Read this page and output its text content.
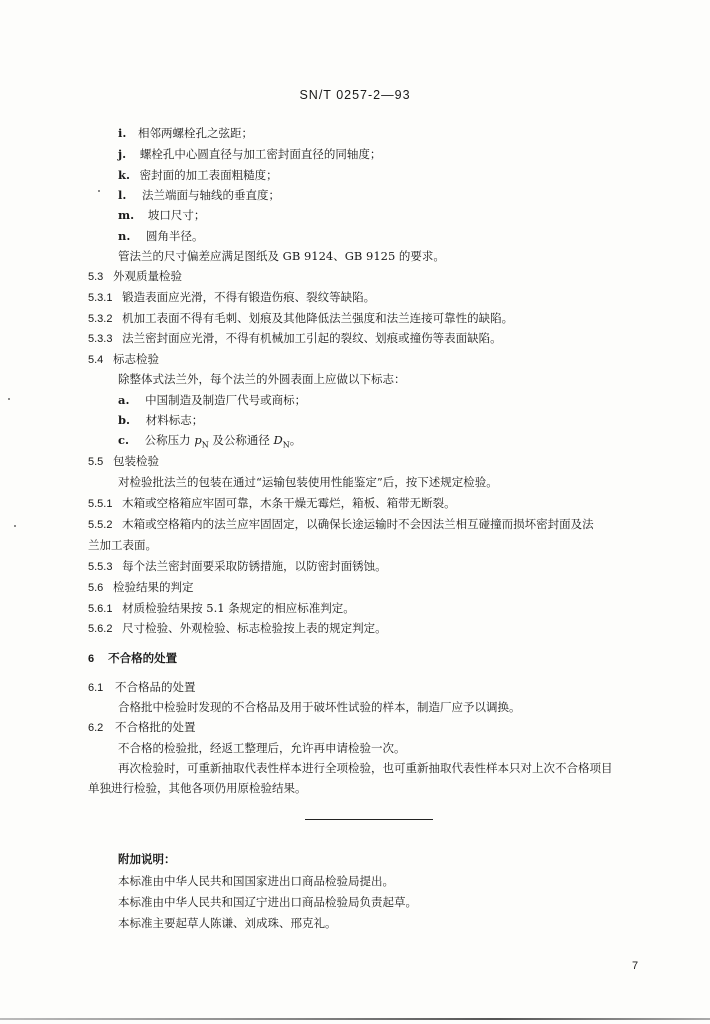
SN/T 0257-2—93
i. 相邻两螺栓孔之弦距；
j. 螺栓孔中心圆直径与加工密封面直径的同轴度；
k. 密封面的加工表面粗糙度；
l. 法兰端面与轴线的垂直度；
m. 坡口尺寸；
n. 圆角半径。
管法兰的尺寸偏差应满足图纸及 GB 9124、GB 9125 的要求。
5.3 外观质量检验
5.3.1 锻造表面应光滑，不得有锻造伤痕、裂纹等缺陷。
5.3.2 机加工表面不得有毛刺、划痕及其他降低法兰强度和法兰连接可靠性的缺陷。
5.3.3 法兰密封面应光滑，不得有机械加工引起的裂纹、划痕或撞伤等表面缺陷。
5.4 标志检验
除整体式法兰外，每个法兰的外圆表面上应做以下标志：
a. 中国制造及制造厂代号或商标；
b. 材料标志；
c. 公称压力 $p_N$ 及公称通径 $D_N$。
5.5 包装检验
对检验批法兰的包装在通过“运输包装使用性能鉴定”后，按下述规定检验。
5.5.1 木箱或空格箱应牢固可靠，木条干燥无霉烂，箱板、箱带无断裂。
5.5.2 木箱或空格箱内的法兰应牢固固定，以确保长途运输时不会因法兰相互碰撞而损坏密封面及法
兰加工表面。
5.5.3 每个法兰密封面要采取防锈措施，以防密封面锈蚀。
5.6 检验结果的判定
5.6.1 材质检验结果按 5.1 条规定的相应标准判定。
5.6.2 尺寸检验、外观检验、标志检验按上表的规定判定。
6 不合格的处置
6.1 不合格品的处置
合格批中检验时发现的不合格品及用于破坏性试验的样本，制造厂应予以调换。
6.2 不合格批的处置
不合格的检验批，经返工整理后，允许再申请检验一次。
再次检验时，可重新抽取代表性样本进行全项检验，也可重新抽取代表性样本只对上次不合格项目
单独进行检验，其他各项仍用原检验结果。
附加说明：
本标准由中华人民共和国国家进出口商品检验局提出。
本标准由中华人民共和国辽宁进出口商品检验局负责起草。
本标准主要起草人陈谦、刘成珠、邢克礼。
7
